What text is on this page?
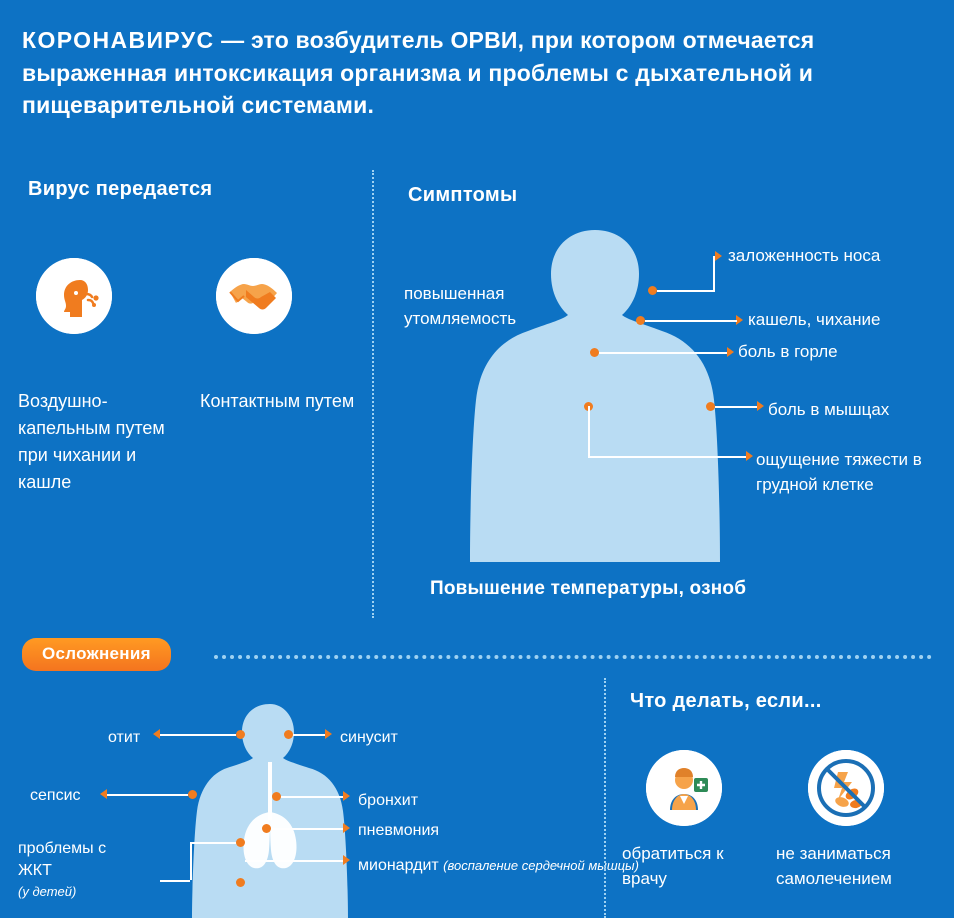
КОРОНАВИРУС — это возбудитель ОРВИ, при котором отмечается выраженная интоксикация организма и проблемы с дыхательной и пищеварительной системами.
Вирус передается
Воздушно-капельным путем при чихании и кашле
Контактным путем
Симптомы
повышенная утомляемость
заложенность носа
кашель, чихание
боль в горле
боль в мышцах
ощущение тяжести в грудной клетке
Повышение температуры, озноб
Осложнения
отит	синусит
сепсис	бронхит
пневмония
проблемы с ЖКТ
(у детей)
мионардит (воспаление сердечной мышцы)
Что делать, если...
обратиться к врачу
не заниматься самолечением
